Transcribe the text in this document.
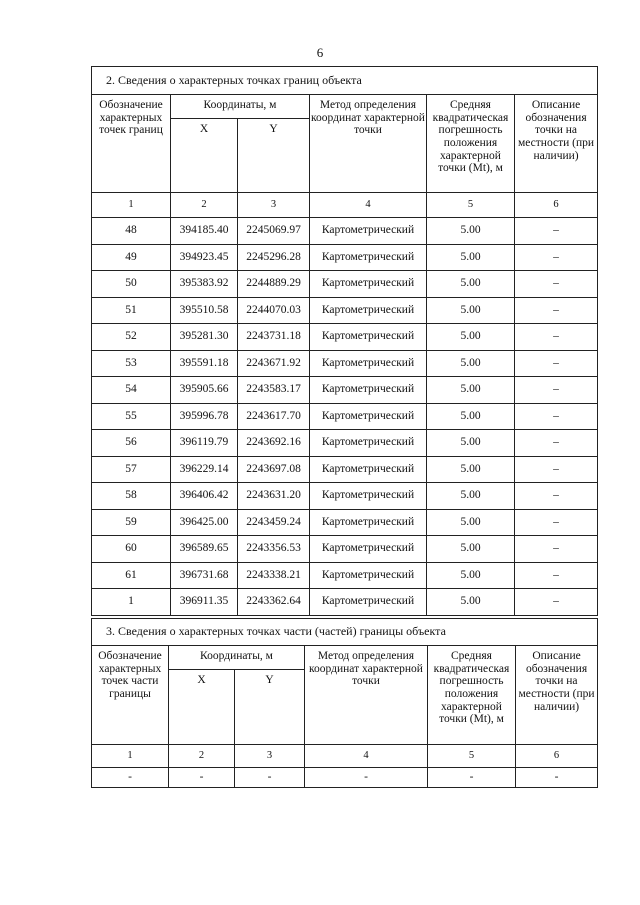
6
2. Сведения о характерных точках границ объекта					
Обозначение характерных точек границ	Координаты, м		Метод определения координат характерной точки	Средняя квадратическая погрешность положения характерной точки (Mt), м	Описание обозначения точки на местности (при наличии)
	X	Y			
1	2	3	4	5	6
48	394185.40	2245069.97	Картометрический	5.00	–
49	394923.45	2245296.28	Картометрический	5.00	–
50	395383.92	2244889.29	Картометрический	5.00	–
51	395510.58	2244070.03	Картометрический	5.00	–
52	395281.30	2243731.18	Картометрический	5.00	–
53	395591.18	2243671.92	Картометрический	5.00	–
54	395905.66	2243583.17	Картометрический	5.00	–
55	395996.78	2243617.70	Картометрический	5.00	–
56	396119.79	2243692.16	Картометрический	5.00	–
57	396229.14	2243697.08	Картометрический	5.00	–
58	396406.42	2243631.20	Картометрический	5.00	–
59	396425.00	2243459.24	Картометрический	5.00	–
60	396589.65	2243356.53	Картометрический	5.00	–
61	396731.68	2243338.21	Картометрический	5.00	–
1	396911.35	2243362.64	Картометрический	5.00	–
3. Сведения о характерных точках части (частей) границы объекта					
Обозначение характерных точек части границы	Координаты, м		Метод определения координат характерной точки	Средняя квадратическая погрешность положения характерной точки (Mt), м	Описание обозначения точки на местности (при наличии)
	X	Y			
1	2	3	4	5	6
-	-	-	-	-	-
